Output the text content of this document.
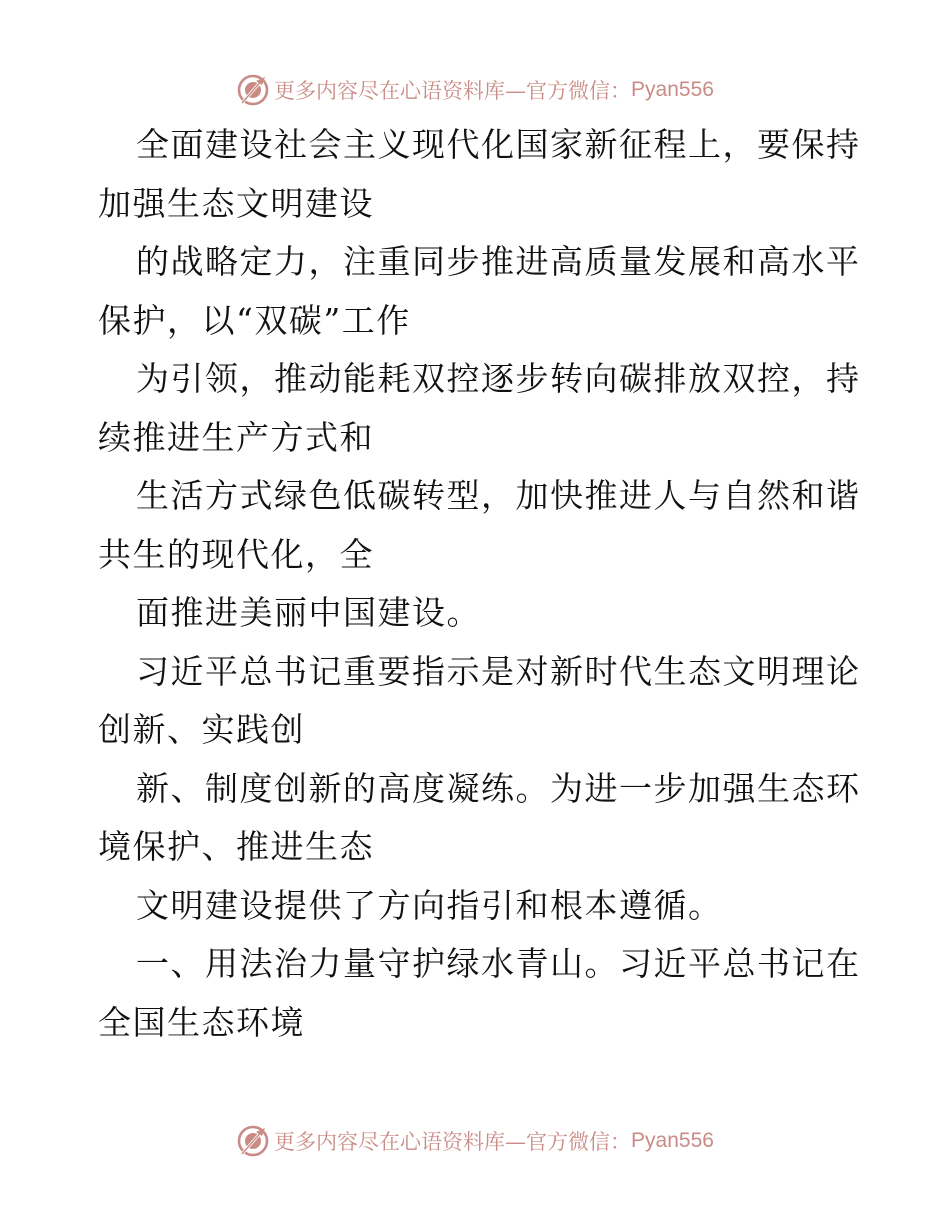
更多内容尽在心语资料库—官方微信： Pyan556
全面建设社会主义现代化国家新征程上，要保持
加强生态文明建设
的战略定力，注重同步推进高质量发展和高水平
保护，以“双碳”工作
为引领，推动能耗双控逐步转向碳排放双控，持
续推进生产方式和
生活方式绿色低碳转型，加快推进人与自然和谐
共生的现代化，全
面推进美丽中国建设。
习近平总书记重要指示是对新时代生态文明理论
创新、实践创
新、制度创新的高度凝练。为进一步加强生态环
境保护、推进生态
文明建设提供了方向指引和根本遵循。
一、用法治力量守护绿水青山。习近平总书记在
全国生态环境
更多内容尽在心语资料库—官方微信： Pyan556
